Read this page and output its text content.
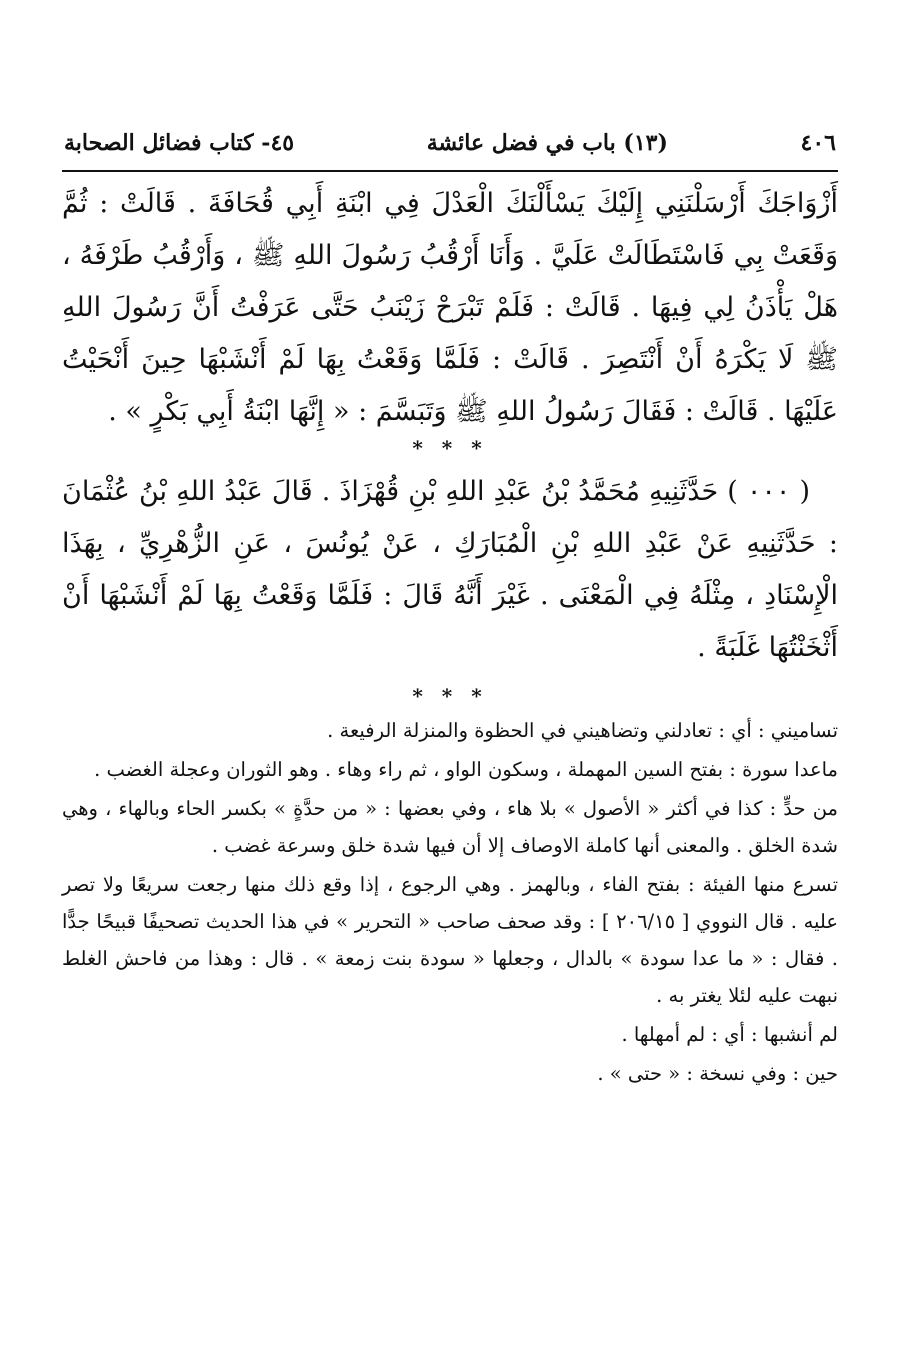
٤٠٦
(١٣) باب في فضل عائشة
٤٥- كتاب فضائل الصحابة

أَزْوَاجَكَ أَرْسَلْنَنِي إِلَيْكَ يَسْأَلْنَكَ الْعَدْلَ فِي ابْنَةِ أَبِي قُحَافَةَ . قَالَتْ : ثُمَّ وَقَعَتْ بِي فَاسْتَطَالَتْ عَلَيَّ . وَأَنَا أَرْقُبُ رَسُولَ اللهِ ﷺ ، وَأَرْقُبُ طَرْفَهُ ، هَلْ يَأْذَنُ لِي فِيهَا . قَالَتْ : فَلَمْ تَبْرَحْ زَيْنَبُ حَتَّى عَرَفْتُ أَنَّ رَسُولَ اللهِ ﷺ لَا يَكْرَهُ أَنْ أَنْتَصِرَ . قَالَتْ : فَلَمَّا وَقَعْتُ بِهَا لَمْ أَنْشَبْهَا حِينَ أَنْحَيْتُ عَلَيْهَا . قَالَتْ : فَقَالَ رَسُولُ اللهِ ﷺ وَتَبَسَّمَ : « إِنَّهَا ابْنَةُ أَبِي بَكْرٍ » .

* * *

( ٠٠٠ ) حَدَّثَنِيهِ مُحَمَّدُ بْنُ عَبْدِ اللهِ بْنِ قُهْزَاذَ . قَالَ عَبْدُ اللهِ بْنُ عُثْمَانَ : حَدَّثَنِيهِ عَنْ عَبْدِ اللهِ بْنِ الْمُبَارَكِ ، عَنْ يُونُسَ ، عَنِ الزُّهْرِيِّ ، بِهَذَا الْإِسْنَادِ ، مِثْلَهُ فِي الْمَعْنَى . غَيْرَ أَنَّهُ قَالَ : فَلَمَّا وَقَعْتُ بِهَا لَمْ أَنْشَبْهَا أَنْ أَثْخَنْتُهَا غَلَبَةً .

* * *

تساميني : أي : تعادلني وتضاهيني في الحظوة والمنزلة الرفيعة .

ماعدا سورة : بفتح السين المهملة ، وسكون الواو ، ثم راء وهاء . وهو الثوران وعجلة الغضب .

من حدٍّ : كذا في أكثر « الأصول » بلا هاء ، وفي بعضها : « من حدَّةٍ » بكسر الحاء وبالهاء ، وهي شدة الخلق . والمعنى أنها كاملة الاوصاف إلا أن فيها شدة خلق وسرعة غضب .

تسرع منها الفيئة : بفتح الفاء ، وبالهمز . وهي الرجوع ، إذا وقع ذلك منها رجعت سريعًا ولا تصر عليه . قال النووي [ ٢٠٦/١٥ ] : وقد صحف صاحب « التحرير » في هذا الحديث تصحيفًا قبيحًا جدًّا . فقال : « ما عدا سودة » بالدال ، وجعلها « سودة بنت زمعة » . قال : وهذا من فاحش الغلط نبهت عليه لئلا يغتر به .

لم أنشبها : أي : لم أمهلها .

حين : وفي نسخة : « حتى » .
